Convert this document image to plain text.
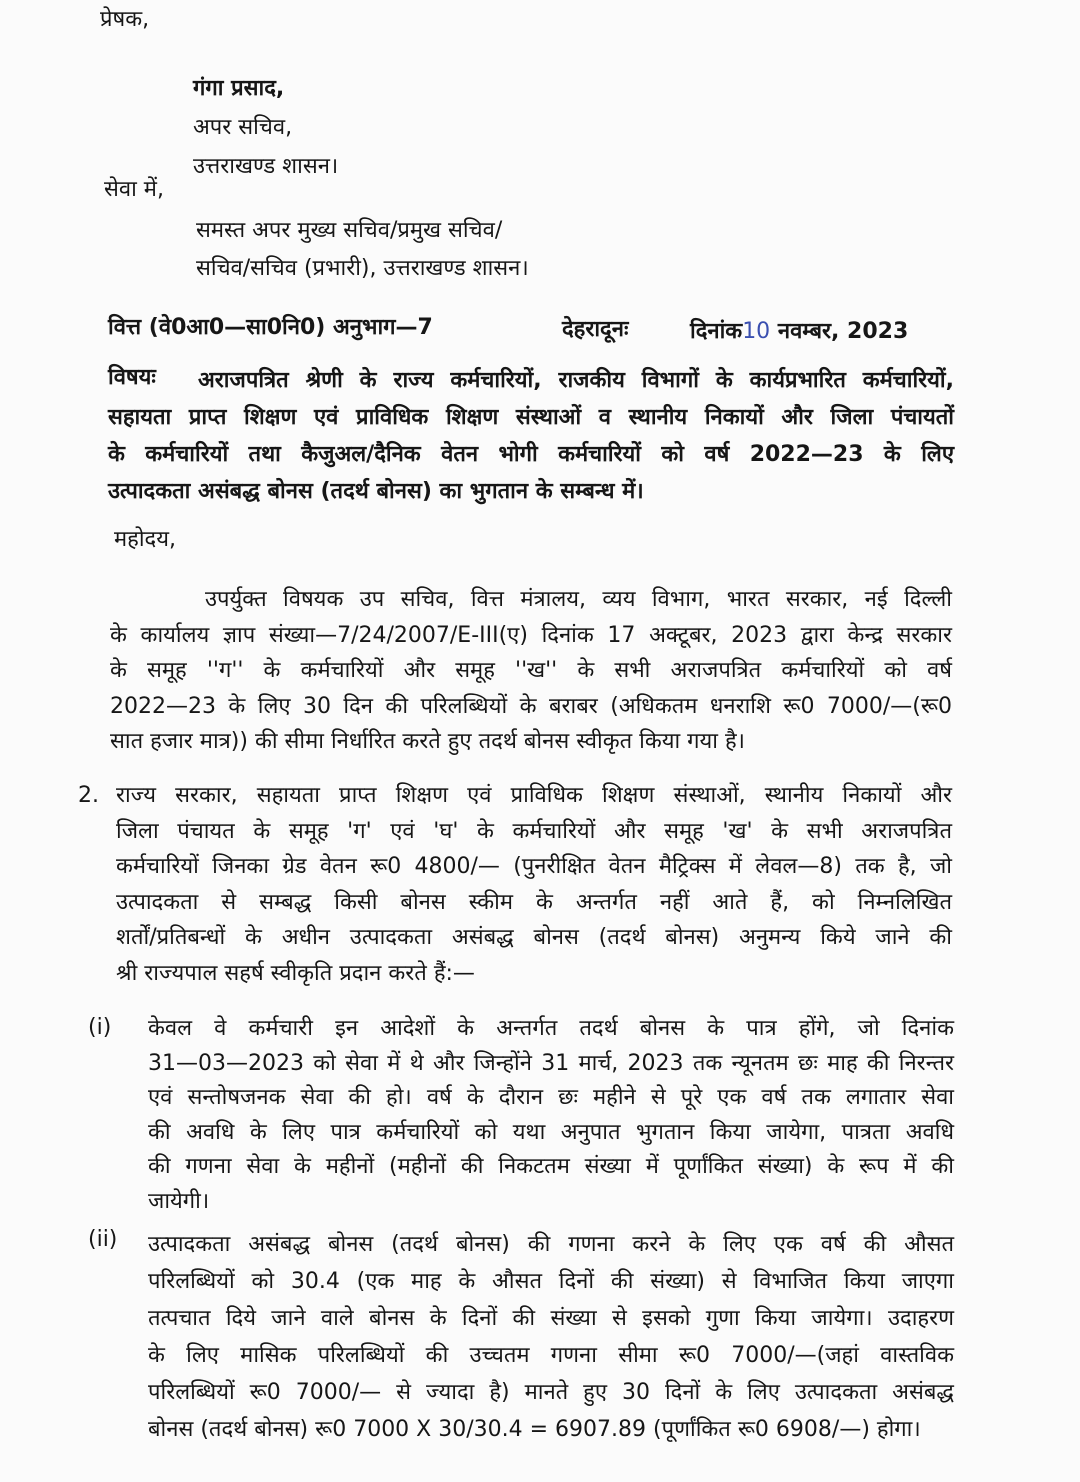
प्रेषक,
गंगा प्रसाद,
अपर सचिव,
उत्तराखण्ड शासन।
सेवा में,
समस्त अपर मुख्य सचिव/प्रमुख सचिव/
सचिव/सचिव (प्रभारी), उत्तराखण्ड शासन।
वित्त (वे0आ0—सा0नि0) अनुभाग—7	देहरादूनः	दिनांक10 नवम्बर, 2023
विषयः	अराजपत्रित श्रेणी के राज्य कर्मचारियों, राजकीय विभागों के कार्यप्रभारित कर्मचारियों,
सहायता प्राप्त शिक्षण एवं प्राविधिक शिक्षण संस्थाओं व स्थानीय निकायों और जिला पंचायतों
के कर्मचारियों तथा कैजुअल/दैनिक वेतन भोगी कर्मचारियों को वर्ष 2022—23 के लिए
उत्पादकता असंबद्ध बोनस (तदर्थ बोनस) का भुगतान के सम्बन्ध में।
महोदय,
उपर्युक्त विषयक उप सचिव, वित्त मंत्रालय, व्यय विभाग, भारत सरकार, नई दिल्ली
के कार्यालय ज्ञाप संख्या—7/24/2007/E-III(ए) दिनांक 17 अक्टूबर, 2023 द्वारा केन्द्र सरकार
के समूह ''ग'' के कर्मचारियों और समूह ''ख'' के सभी अराजपत्रित कर्मचारियों को वर्ष
2022—23 के लिए 30 दिन की परिलब्धियों के बराबर (अधिकतम धनराशि रू0 7000/—(रू0
सात हजार मात्र)) की सीमा निर्धारित करते हुए तदर्थ बोनस स्वीकृत किया गया है।
2. राज्य सरकार, सहायता प्राप्त शिक्षण एवं प्राविधिक शिक्षण संस्थाओं, स्थानीय निकायों और
जिला पंचायत के समूह 'ग' एवं 'घ' के कर्मचारियों और समूह 'ख' के सभी अराजपत्रित
कर्मचारियों जिनका ग्रेड वेतन रू0 4800/— (पुनरीक्षित वेतन मैट्रिक्स में लेवल—8) तक है, जो
उत्पादकता से सम्बद्ध किसी बोनस स्कीम के अन्तर्गत नहीं आते हैं, को निम्नलिखित
शर्तों/प्रतिबन्धों के अधीन उत्पादकता असंबद्ध बोनस (तदर्थ बोनस) अनुमन्य किये जाने की
श्री राज्यपाल सहर्ष स्वीकृति प्रदान करते हैं:—
(i) केवल वे कर्मचारी इन आदेशों के अन्तर्गत तदर्थ बोनस के पात्र होंगे, जो दिनांक
31—03—2023 को सेवा में थे और जिन्होंने 31 मार्च, 2023 तक न्यूनतम छः माह की निरन्तर
एवं सन्तोषजनक सेवा की हो। वर्ष के दौरान छः महीने से पूरे एक वर्ष तक लगातार सेवा
की अवधि के लिए पात्र कर्मचारियों को यथा अनुपात भुगतान किया जायेगा, पात्रता अवधि
की गणना सेवा के महीनों (महीनों की निकटतम संख्या में पूर्णांकित संख्या) के रूप में की
जायेगी।
(ii) उत्पादकता असंबद्ध बोनस (तदर्थ बोनस) की गणना करने के लिए एक वर्ष की औसत
परिलब्धियों को 30.4 (एक माह के औसत दिनों की संख्या) से विभाजित किया जाएगा
तत्पचात दिये जाने वाले बोनस के दिनों की संख्या से इसको गुणा किया जायेगा। उदाहरण
के लिए मासिक परिलब्धियों की उच्चतम गणना सीमा रू0 7000/—(जहां वास्तविक
परिलब्धियों रू0 7000/— से ज्यादा है) मानते हुए 30 दिनों के लिए उत्पादकता असंबद्ध
बोनस (तदर्थ बोनस) रू0 7000 X 30/30.4 = 6907.89 (पूर्णांकित रू0 6908/—) होगा।
